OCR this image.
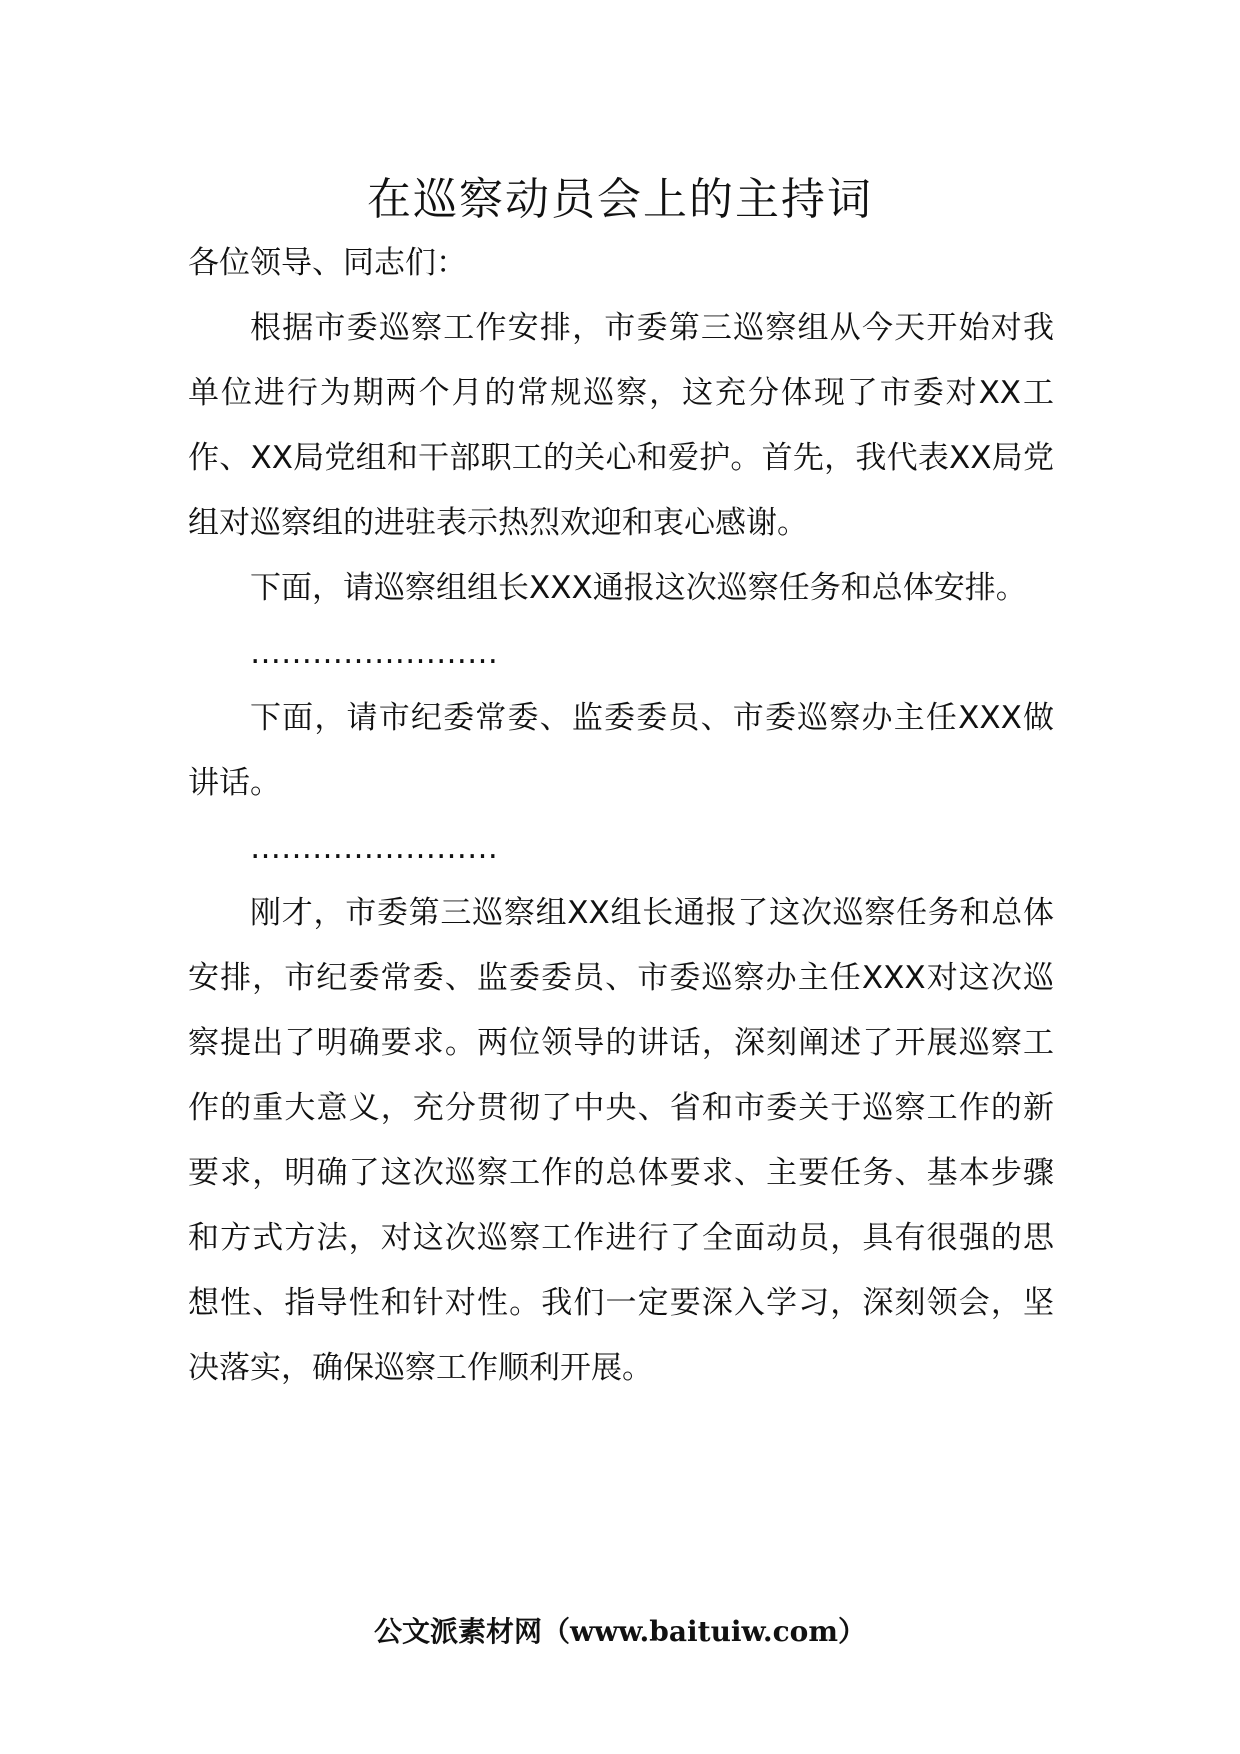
在巡察动员会上的主持词

各位领导、同志们：

根据市委巡察工作安排，市委第三巡察组从今天开始对我单位进行为期两个月的常规巡察，这充分体现了市委对XX工作、XX局党组和干部职工的关心和爱护。首先，我代表XX局党组对巡察组的进驻表示热烈欢迎和衷心感谢。

下面，请巡察组组长XXX通报这次巡察任务和总体安排。

……………………

下面，请市纪委常委、监委委员、市委巡察办主任XXX做讲话。

……………………

刚才，市委第三巡察组XX组长通报了这次巡察任务和总体安排，市纪委常委、监委委员、市委巡察办主任XXX对这次巡察提出了明确要求。两位领导的讲话，深刻阐述了开展巡察工作的重大意义，充分贯彻了中央、省和市委关于巡察工作的新要求，明确了这次巡察工作的总体要求、主要任务、基本步骤和方式方法，对这次巡察工作进行了全面动员，具有很强的思想性、指导性和针对性。我们一定要深入学习，深刻领会，坚决落实，确保巡察工作顺利开展。

公文派素材网（www.baituiw.com）
